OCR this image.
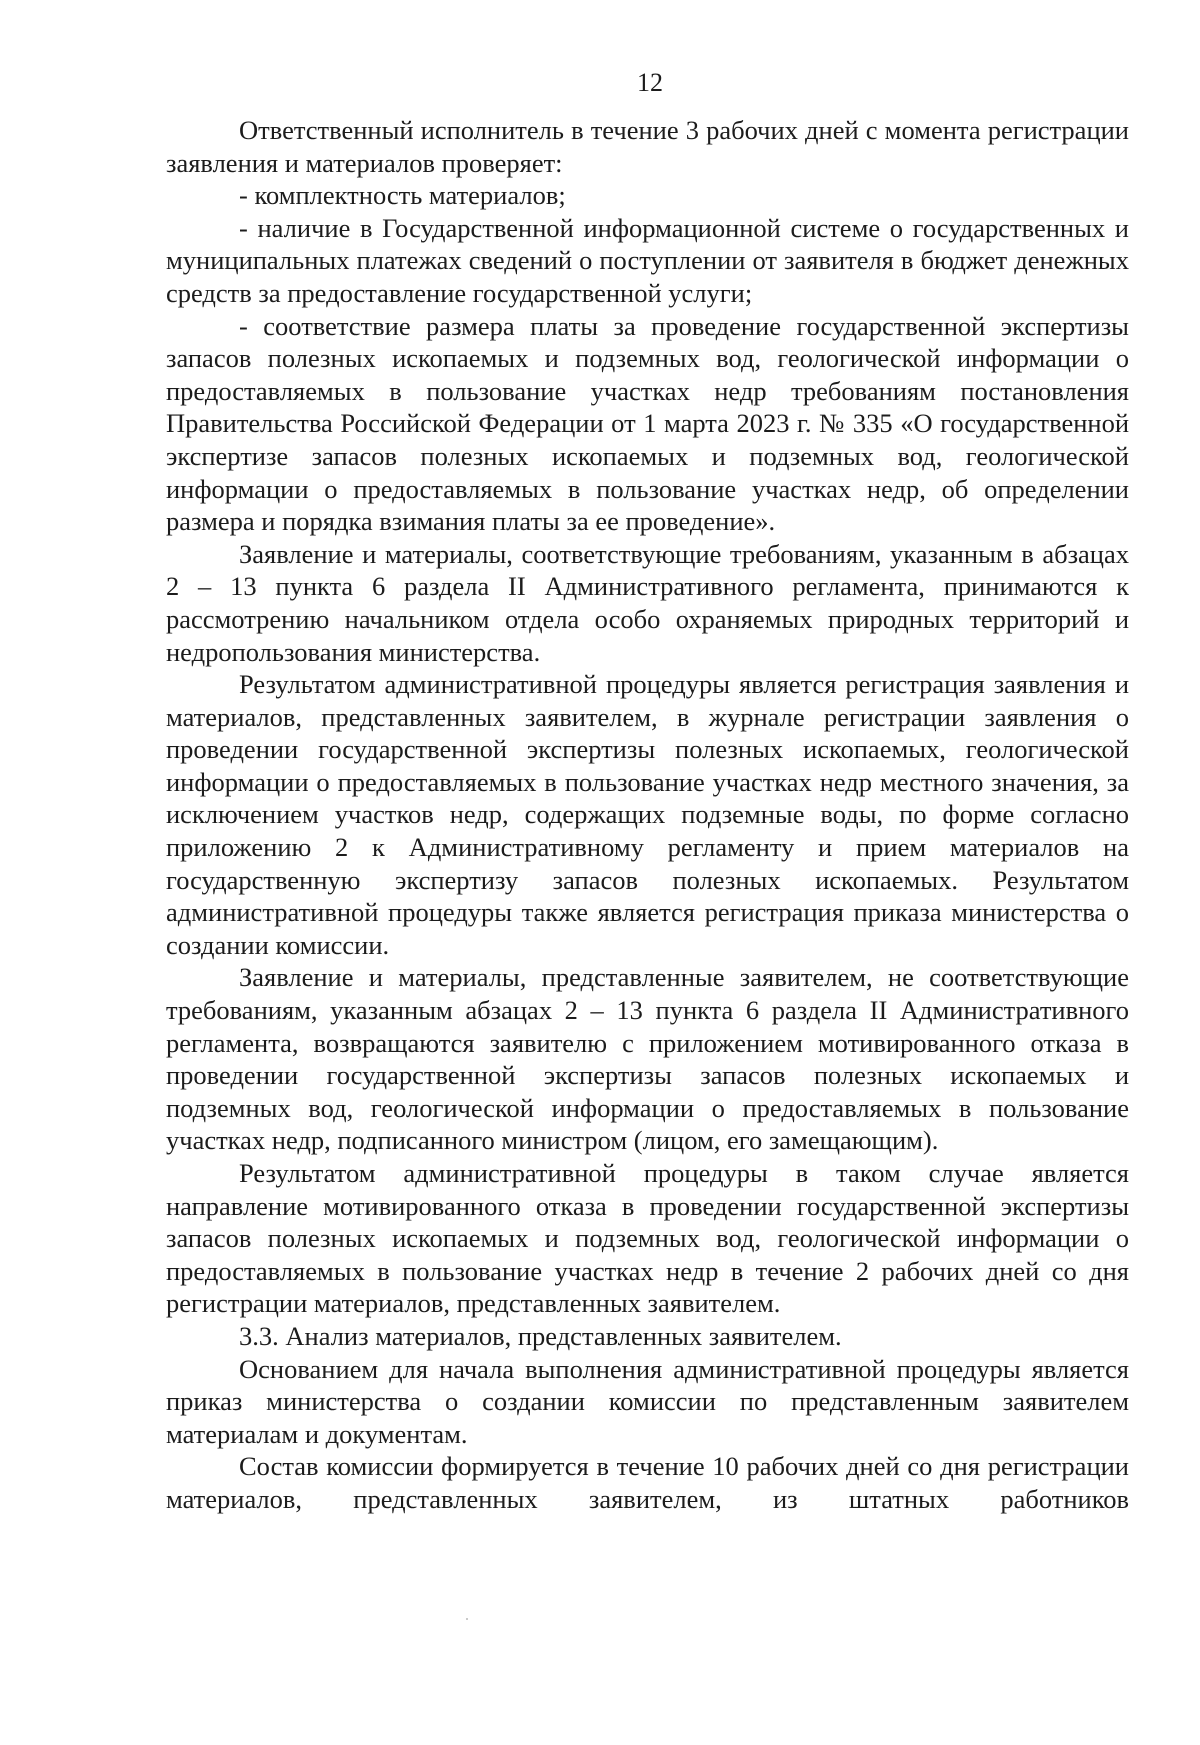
12

Ответственный исполнитель в течение 3 рабочих дней с момента регистрации заявления и материалов проверяет:

- комплектность материалов;

- наличие в Государственной информационной системе о государственных и муниципальных платежах сведений о поступлении от заявителя в бюджет денежных средств за предоставление государственной услуги;

- соответствие размера платы за проведение государственной экспертизы запасов полезных ископаемых и подземных вод, геологической информации о предоставляемых в пользование участках недр требованиям постановления Правительства Российской Федерации от 1 марта 2023 г. № 335 «О государственной экспертизе запасов полезных ископаемых и подземных вод, геологической информации о предоставляемых в пользование участках недр, об определении размера и порядка взимания платы за ее проведение».

Заявление и материалы, соответствующие требованиям, указанным в абзацах 2 – 13 пункта 6 раздела II Административного регламента, принимаются к рассмотрению начальником отдела особо охраняемых природных территорий и недропользования министерства.

Результатом административной процедуры является регистрация заявления и материалов, представленных заявителем, в журнале регистрации заявления о проведении государственной экспертизы полезных ископаемых, геологической информации о предоставляемых в пользование участках недр местного значения, за исключением участков недр, содержащих подземные воды, по форме согласно приложению 2 к Административному регламенту и прием материалов на государственную экспертизу запасов полезных ископаемых. Результатом административной процедуры также является регистрация приказа министерства о создании комиссии.

Заявление и материалы, представленные заявителем, не соответствующие требованиям, указанным абзацах 2 – 13 пункта 6 раздела II Административного регламента, возвращаются заявителю с приложением мотивированного отказа в проведении государственной экспертизы запасов полезных ископаемых и подземных вод, геологической информации о предоставляемых в пользование участках недр, подписанного министром (лицом, его замещающим).

Результатом административной процедуры в таком случае является направление мотивированного отказа в проведении государственной экспертизы запасов полезных ископаемых и подземных вод, геологической информации о предоставляемых в пользование участках недр в течение 2 рабочих дней со дня регистрации материалов, представленных заявителем.

3.3. Анализ материалов, представленных заявителем.

Основанием для начала выполнения административной процедуры является приказ министерства о создании комиссии по представленным заявителем материалам и документам.

Состав комиссии формируется в течение 10 рабочих дней со дня регистрации материалов, представленных заявителем, из штатных работников
